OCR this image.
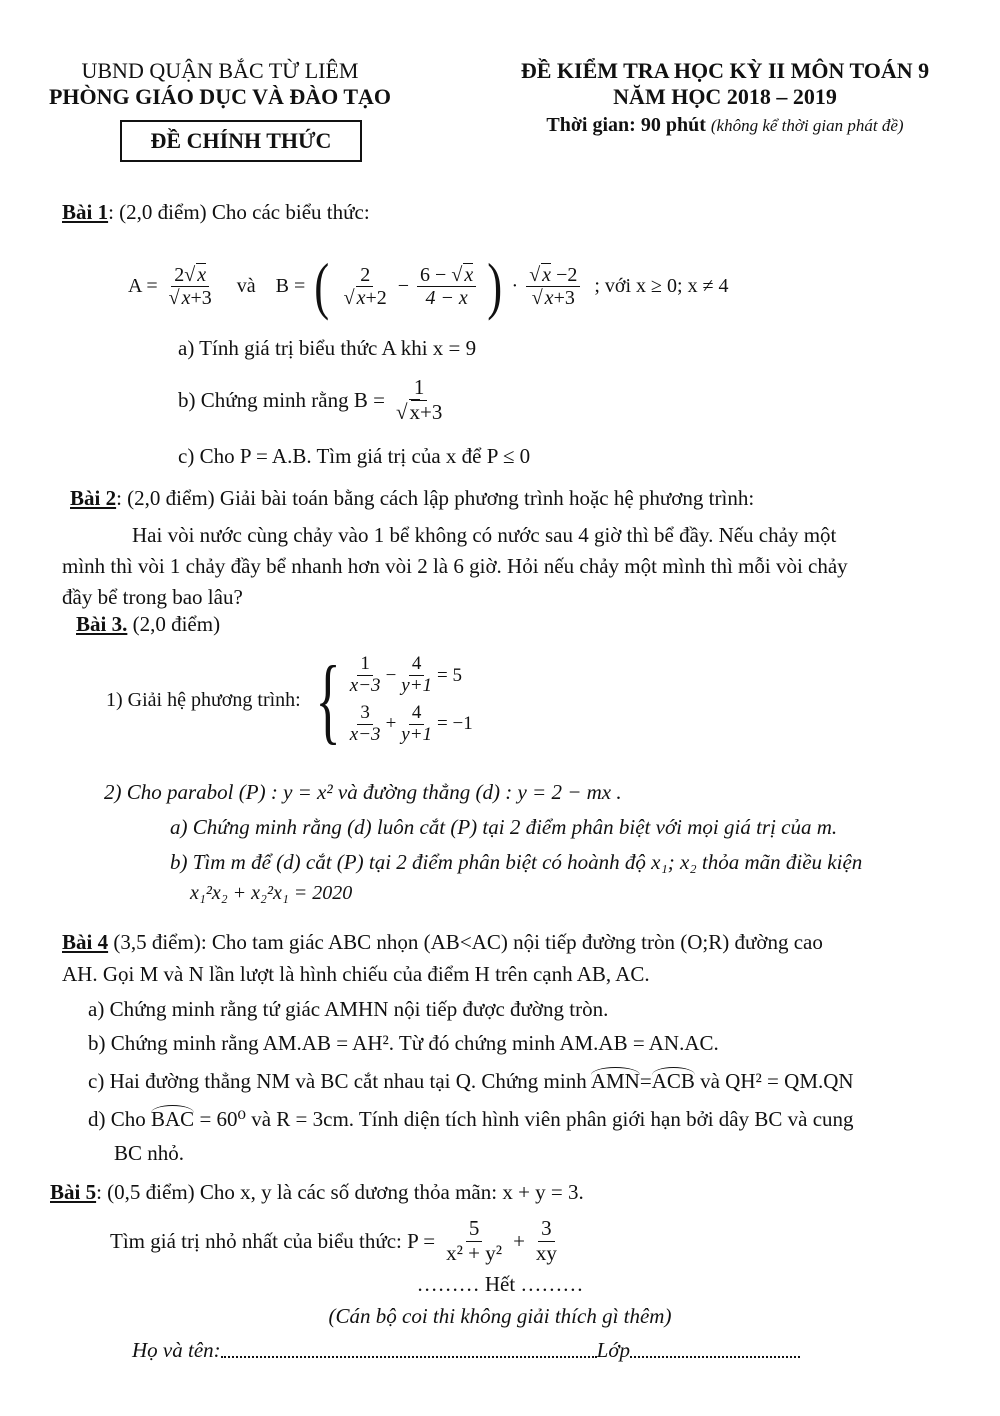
UBND QUẬN BẮC TỪ LIÊM

PHÒNG GIÁO DỤC VÀ ĐÀO TẠO

ĐỀ CHÍNH THỨC

ĐỀ KIỂM TRA HỌC KỲ II MÔN TOÁN 9

NĂM HỌC 2018 – 2019

Thời gian: 90 phút (không kể thời gian phát đề)

Bài 1: (2,0 điểm) Cho các biểu thức:
A = 2 √ x
√ x+3 và B = ( 2
√ $x+2 - \frac{6 - √ x}{4 - x}$ ) · √ x −2
√ x+3 ; với x ≥ 0; x ≠ 4
a) Tính giá trị biểu thức A khi x = 9
b) Chứng minh rằng B = 1
√ x+3
c) Cho P = A.B. Tìm giá trị của x để P ≤ 0
Bài 2: (2,0 điểm) Giải bài toán bằng cách lập phương trình hoặc hệ phương trình:

Hai vòi nước cùng chảy vào 1 bể không có nước sau 4 giờ thì bể đầy. Nếu chảy một

mình thì vòi 1 chảy đầy bể nhanh hơn vòi 2 là 6 giờ. Hỏi nếu chảy một mình thì mỗi vòi chảy

đầy bể trong bao lâu?

Bài 3. (2,0 điểm)
1) Giải hệ phương trình: { $\frac{1}{x-3} - \frac{4}{y+1} = 5$
$\frac{3}{x-3} + \frac{4}{y+1} = -1$
2) Cho parabol (P) : y = x² và đường thẳng (d) : y = 2 − mx .
a) Chứng minh rằng (d) luôn cắt (P) tại 2 điểm phân biệt với mọi giá trị của m.
b) Tìm m để (d) cắt (P) tại 2 điểm phân biệt có hoành độ x₁; x₂ thỏa mãn điều kiện
x₁²x₂ + x₂²x₁ = 2020

Bài 4 (3,5 điểm): Cho tam giác ABC nhọn (AB<AC) nội tiếp đường tròn (O;R) đường cao

AH. Gọi M và N lần lượt là hình chiếu của điểm H trên cạnh AB, AC.

a) Chứng minh rằng tứ giác AMHN nội tiếp được đường tròn.

b) Chứng minh rằng AM.AB = AH². Từ đó chứng minh AM.AB = AN.AC.

c) Hai đường thẳng NM và BC cắt nhau tại Q. Chứng minh AMN=ACB và QH² = QM.QN

d) Cho BAC = 60⁰ và R = 3cm. Tính diện tích hình viên phân giới hạn bởi dây BC và cung

BC nhỏ.

Bài 5: (0,5 điểm) Cho x, y là các số dương thỏa mãn: x + y = 3.
Tìm giá trị nhỏ nhất của biểu thức: $P = \frac{5}{\text{x² + y²}} + \frac{3}{xy}$
……… Hết ………
(Cán bộ coi thi không giải thích gì thêm)
Họ và tên:	Lớp
